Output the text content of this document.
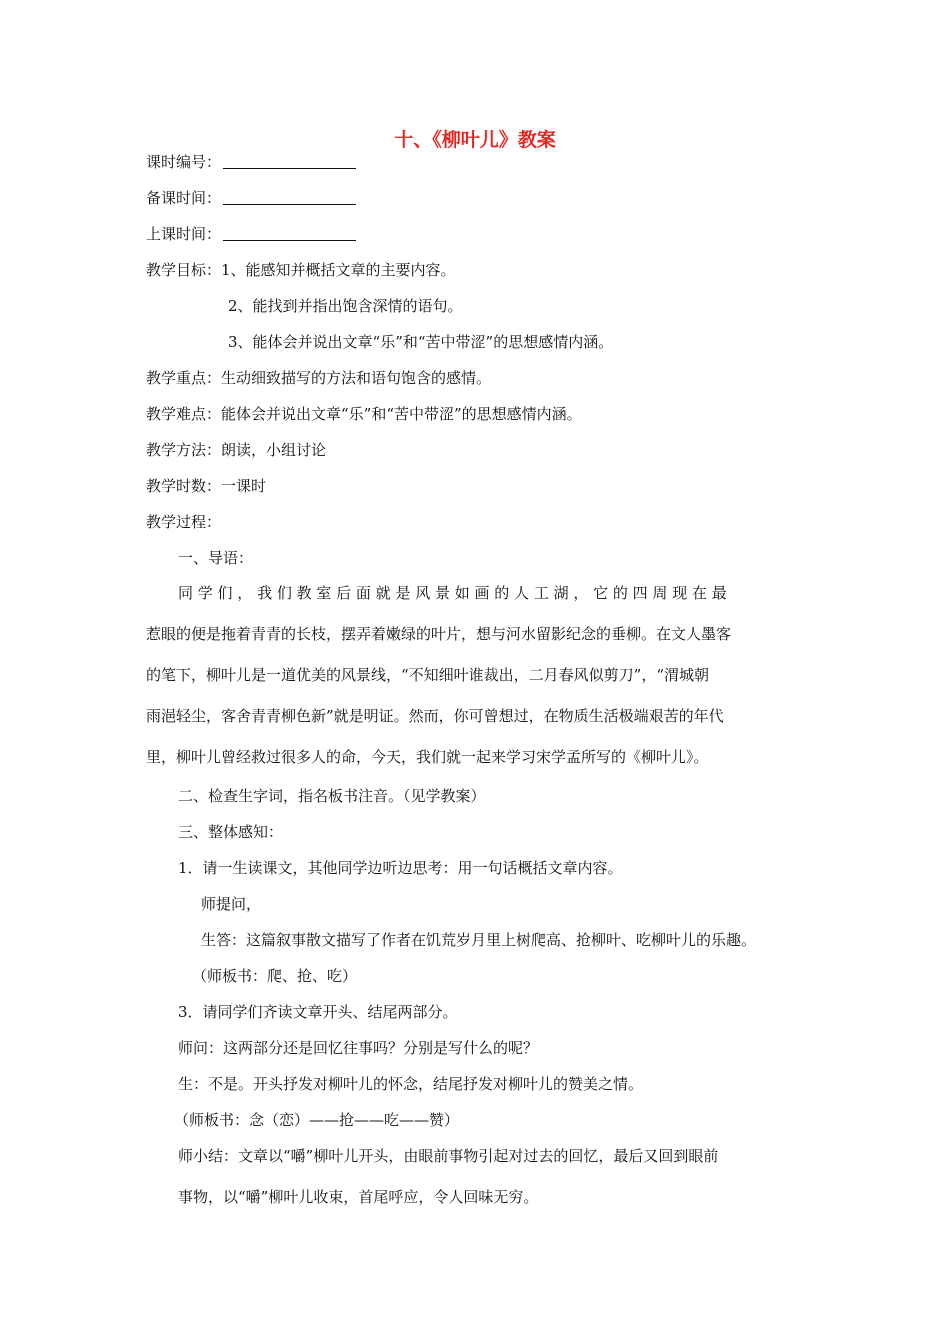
十、《柳叶儿》教案
课时编号：
备课时间：
上课时间：
教学目标：1、能感知并概括文章的主要内容。
2、能找到并指出饱含深情的语句。
3、能体会并说出文章“乐”和“苦中带涩”的思想感情内涵。
教学重点：生动细致描写的方法和语句饱含的感情。
教学难点：能体会并说出文章“乐”和“苦中带涩”的思想感情内涵。
教学方法：朗读，小组讨论
教学时数：一课时
教学过程：
一、导语：
同 学 们 ， 我 们 教 室 后 面 就 是 风 景 如 画 的 人 工 湖 ， 它 的 四 周 现 在 最
惹眼的便是拖着青青的长枝，摆弄着嫩绿的叶片，想与河水留影纪念的垂柳。在文人墨客
的笔下，柳叶儿是一道优美的风景线，“不知细叶谁裁出，二月春风似剪刀”，“渭城朝
雨浥轻尘，客舍青青柳色新”就是明证。然而，你可曾想过，在物质生活极端艰苦的年代
里，柳叶儿曾经救过很多人的命，今天，我们就一起来学习宋学孟所写的《柳叶儿》。
二、检查生字词，指名板书注音。（见学教案）
三、整体感知：
1．请一生读课文，其他同学边听边思考：用一句话概括文章内容。
师提问，
生答：这篇叙事散文描写了作者在饥荒岁月里上树爬高、抢柳叶、吃柳叶儿的乐趣。
（师板书：爬、抢、吃）
3．请同学们齐读文章开头、结尾两部分。
师问：这两部分还是回忆往事吗？分别是写什么的呢？
生：不是。开头抒发对柳叶儿的怀念，结尾抒发对柳叶儿的赞美之情。
（师板书：念（恋）——抢——吃——赞）
师小结：文章以“嚼”柳叶儿开头，由眼前事物引起对过去的回忆，最后又回到眼前
事物，以“嚼”柳叶儿收束，首尾呼应，令人回味无穷。
